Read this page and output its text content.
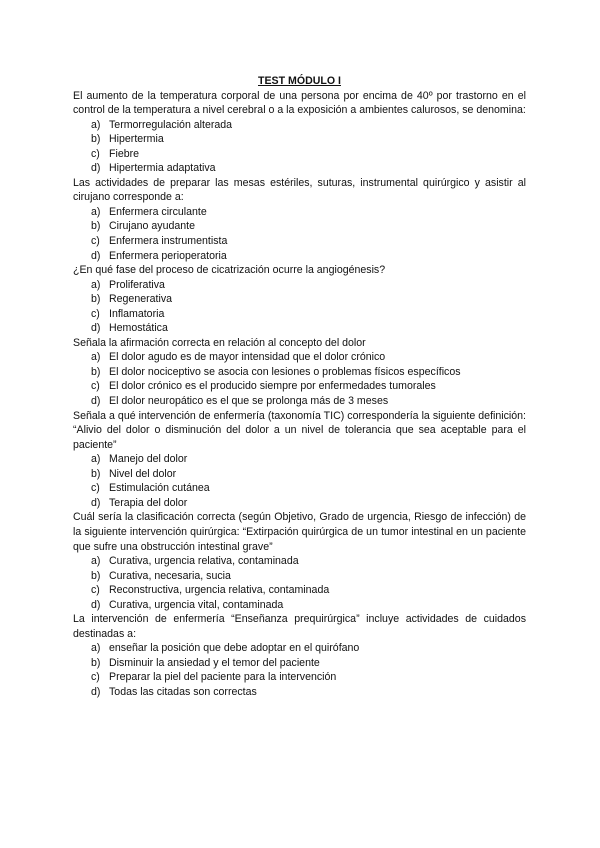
TEST MÓDULO I

El aumento de la temperatura corporal de una persona por encima de 40º por trastorno en el control de la temperatura a nivel cerebral o a la exposición a ambientes calurosos, se denomina:

a) Termorregulación alterada
b) Hipertermia
c) Fiebre
d) Hipertermia adaptativa

Las actividades de preparar las mesas estériles, suturas, instrumental quirúrgico y asistir al cirujano corresponde a:

a) Enfermera circulante
b) Cirujano ayudante
c) Enfermera instrumentista
d) Enfermera perioperatoria

¿En qué fase del proceso de cicatrización ocurre la angiogénesis?

a) Proliferativa
b) Regenerativa
c) Inflamatoria
d) Hemostática

Señala la afirmación correcta en relación al concepto del dolor

a) El dolor agudo es de mayor intensidad que el dolor crónico
b) El dolor nociceptivo se asocia con lesiones o problemas físicos específicos
c) El dolor crónico es el producido siempre por enfermedades tumorales
d) El dolor neuropático es el que se prolonga más de 3 meses

Señala a qué intervención de enfermería (taxonomía TIC) correspondería la siguiente definición: “Alivio del dolor o disminución del dolor a un nivel de tolerancia que sea aceptable para el paciente”

a) Manejo del dolor
b) Nivel del dolor
c) Estimulación cutánea
d) Terapia del dolor

Cuál sería la clasificación correcta (según Objetivo, Grado de urgencia, Riesgo de infección) de la siguiente intervención quirúrgica: “Extirpación quirúrgica de un tumor intestinal en un paciente que sufre una obstrucción intestinal grave”

a) Curativa, urgencia relativa, contaminada
b) Curativa, necesaria, sucia
c) Reconstructiva, urgencia relativa, contaminada
d) Curativa, urgencia vital, contaminada

La intervención de enfermería “Enseñanza prequirúrgica” incluye actividades de cuidados destinadas a:

a) enseñar la posición que debe adoptar en el quirófano
b) Disminuir la ansiedad y el temor del paciente
c) Preparar la piel del paciente para la intervención
d) Todas las citadas son correctas
